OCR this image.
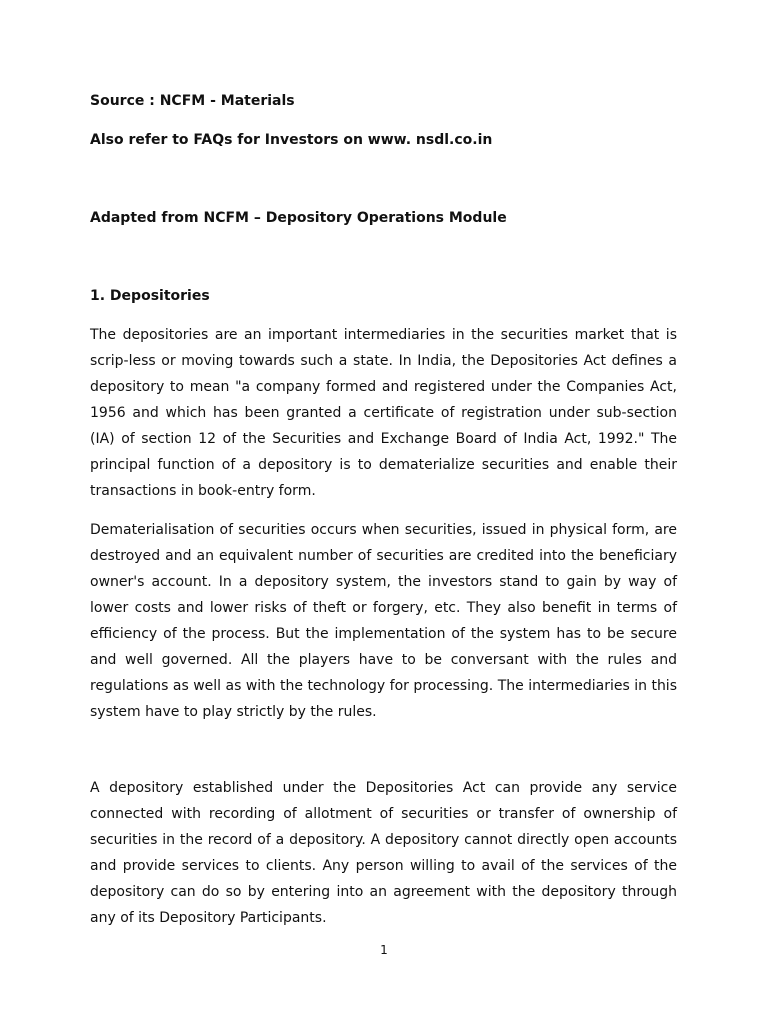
Source : NCFM - Materials
Also refer to FAQs for Investors on www. nsdl.co.in
Adapted from NCFM – Depository Operations Module
1. Depositories

The depositories are an important intermediaries in the securities market that is scrip-less or moving towards such a state. In India, the Depositories Act defines a depository to mean "a company formed and registered under the Companies Act, 1956 and which has been granted a certificate of registration under sub-section (IA) of section 12 of the Securities and Exchange Board of India Act, 1992." The principal function of a depository is to dematerialize securities and enable their transactions in book-entry form.

Dematerialisation of securities occurs when securities, issued in physical form, are destroyed and an equivalent number of securities are credited into the beneficiary owner's account. In a depository system, the investors stand to gain by way of lower costs and lower risks of theft or forgery, etc. They also benefit in terms of efficiency of the process. But the implementation of the system has to be secure and well governed. All the players have to be conversant with the rules and regulations as well as with the technology for processing. The intermediaries in this system have to play strictly by the rules.

A depository established under the Depositories Act can provide any service connected with recording of allotment of securities or transfer of ownership of securities in the record of a depository. A depository cannot directly open accounts and provide services to clients. Any person willing to avail of the services of the depository can do so by entering into an agreement with the depository through any of its Depository Participants.

1
